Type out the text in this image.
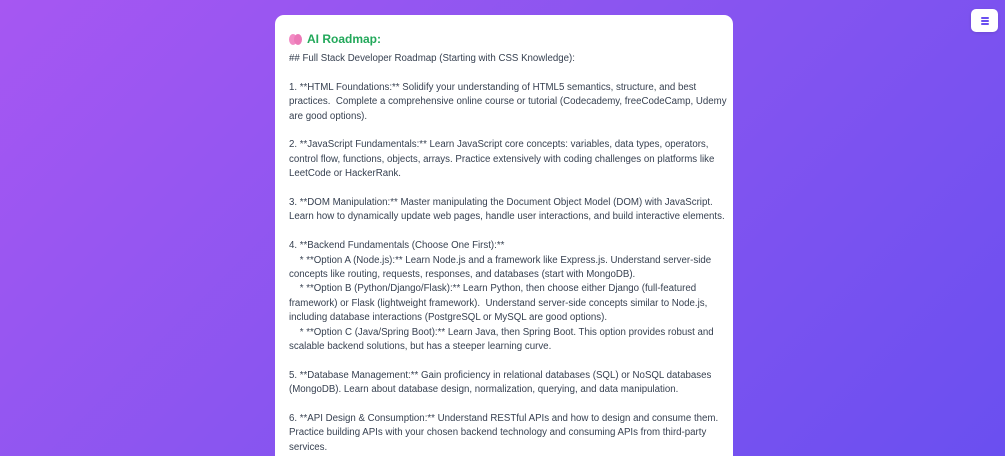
AI Roadmap:
## Full Stack Developer Roadmap (Starting with CSS Knowledge):
1. **HTML Foundations:** Solidify your understanding of HTML5 semantics, structure, and best
practices.  Complete a comprehensive online course or tutorial (Codecademy, freeCodeCamp, Udemy
are good options).
2. **JavaScript Fundamentals:** Learn JavaScript core concepts: variables, data types, operators,
control flow, functions, objects, arrays. Practice extensively with coding challenges on platforms like
LeetCode or HackerRank.
3. **DOM Manipulation:** Master manipulating the Document Object Model (DOM) with JavaScript.
Learn how to dynamically update web pages, handle user interactions, and build interactive elements.
4. **Backend Fundamentals (Choose One First):**
* **Option A (Node.js):** Learn Node.js and a framework like Express.js. Understand server-side
concepts like routing, requests, responses, and databases (start with MongoDB).
* **Option B (Python/Django/Flask):** Learn Python, then choose either Django (full-featured
framework) or Flask (lightweight framework).  Understand server-side concepts similar to Node.js,
including database interactions (PostgreSQL or MySQL are good options).
* **Option C (Java/Spring Boot):** Learn Java, then Spring Boot. This option provides robust and
scalable backend solutions, but has a steeper learning curve.
5. **Database Management:** Gain proficiency in relational databases (SQL) or NoSQL databases
(MongoDB). Learn about database design, normalization, querying, and data manipulation.
6. **API Design & Consumption:** Understand RESTful APIs and how to design and consume them.
Practice building APIs with your chosen backend technology and consuming APIs from third-party
services.
